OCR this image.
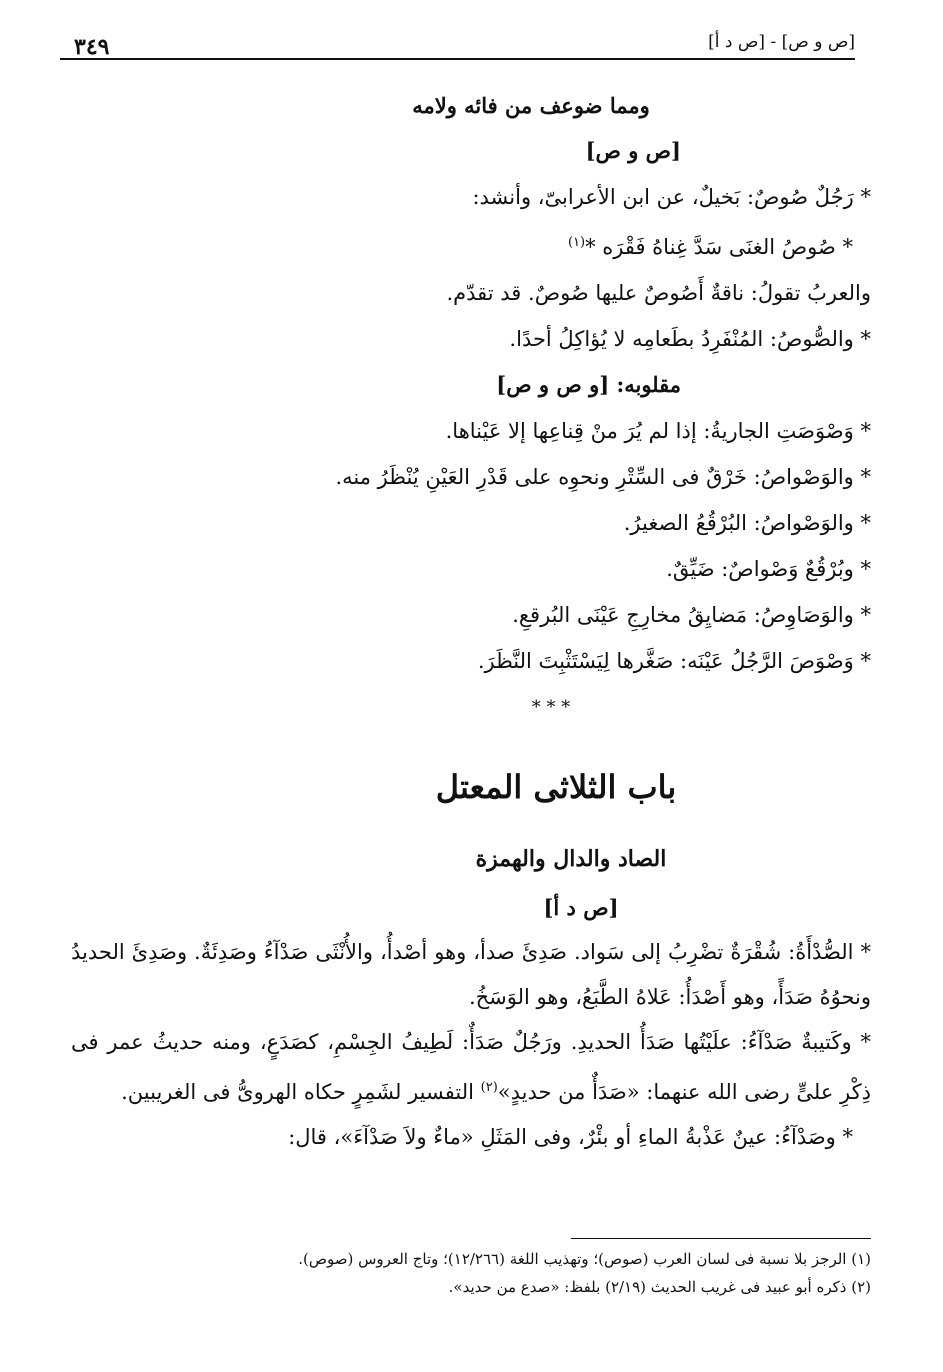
٣٤٩	[ص و ص] - [ص د أ]
ومما ضوعف من فائه ولامه
[ص و ص]
* رَجُلٌ صُوصٌ: بَخيلٌ، عن ابن الأعرابىّ، وأنشد:
* صُوصُ الغنَى سَدَّ غِناهُ فَقْرَه *$^{(١)}$
والعربُ تقولُ: ناقةٌ أَصُوصٌ عليها صُوصٌ. قد تقدّم.
* والصُّوصُ: المُنْفَرِدُ بطَعامِه لا يُؤاكِلُ أحدًا.
مقلوبه: [و ص و ص]
* وَصْوَصَتِ الجاريةُ: إذا لم يُرَ منْ قِناعِها إلا عَيْناها.
* والوَصْواصُ: خَرْقٌ فى السِّتْرِ ونحوِه على قَدْرِ العَيْنِ يُنْظَرُ منه.
* والوَصْواصُ: البُرْقُعُ الصغيرُ.
* وبُرْقُعٌ وَصْواصٌ: ضَيِّقٌ.
* والوَصَاوِصُ: مَضايِقُ مخارِجِ عَيْنَى البُرقعِ.
* وَصْوَصَ الرَّجُلُ عَيْنَه: صَغَّرها لِيَسْتَثْبِتَ النَّظَرَ.
* * *
باب الثلاثى المعتل
الصاد والدال والهمزة
[ص د أ]
* الصُّدْأَةُ: شُقْرَةٌ تضْرِبُ إلى سَواد. صَدِئَ صدأ، وهو أصْدأُ، والأُنْثَى صَدْآءُ وصَدِئَةٌ. وصَدِئَ الحديدُ ونحوُهُ صَدَأً، وهو أَصْدَأُ: عَلاهُ الطَّبَعُ، وهو الوَسَخُ.
* وكَتيبةٌ صَدْآءُ: علَيْتُها صَدَأُ الحديدِ. ورَجُلٌ صَدَأٌ: لَطِيفُ الجِسْمِ، كصَدَعٍ، ومنه حديثُ عمر فى ذِكْرِ علىٍّ رضى الله عنهما: «صَدَأٌ من حديدٍ»$^{(٢)}$ التفسير لشَمِرٍ حكاه الهروىُّ فى الغريبين.
* وصَدْآءُ: عينٌ عَذْبةُ الماءِ أو بئْرٌ، وفى المَثَلِ «ماءٌ ولاَ صَدْآءَ»، قال:
(١) الرجز بلا نسبة فى لسان العرب (صوص)؛ وتهذيب اللغة (١٢/٢٦٦)؛ وتاج العروس (صوص).
(٢) ذكره أبو عبيد فى غريب الحديث (٢/١٩) بلفظ: «صدع من حديد».
